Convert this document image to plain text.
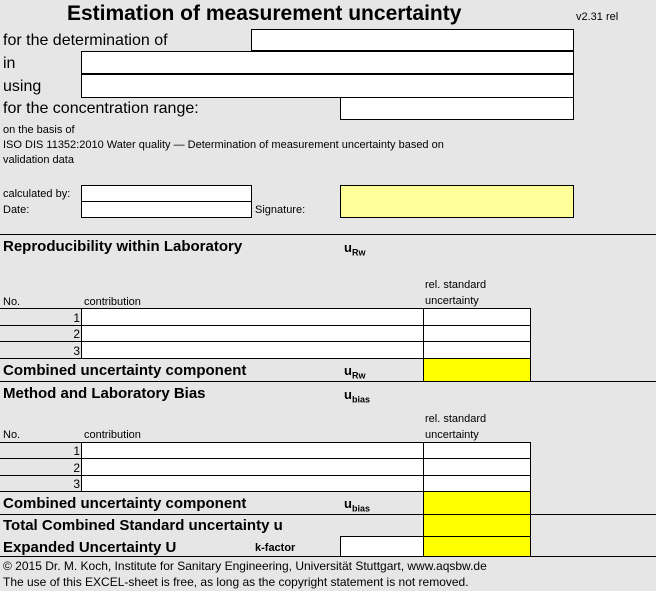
Estimation of measurement uncertainty	v2.31 rel
for the determination of
in
using
for the concentration range:
on the basis of
ISO DIS 11352:2010 Water quality — Determination of measurement uncertainty based on
validation data
calculated by:
Date:	Signature:
Reproducibility within Laboratory	$u_{Rw}$
rel. standard
uncertainty
No.	contribution
1
2
3
Combined uncertainty component	$u_{Rw}$
Method and Laboratory Bias	$u_{bias}$
rel. standard
uncertainty
No.	contribution
1
2
3
Combined uncertainty component	$u_{bias}$
Total Combined Standard uncertainty u
Expanded Uncertainty U	k-factor
© 2015 Dr. M. Koch, Institute for Sanitary Engineering, Universität Stuttgart, www.aqsbw.de
The use of this EXCEL-sheet is free, as long as the copyright statement is not removed.
